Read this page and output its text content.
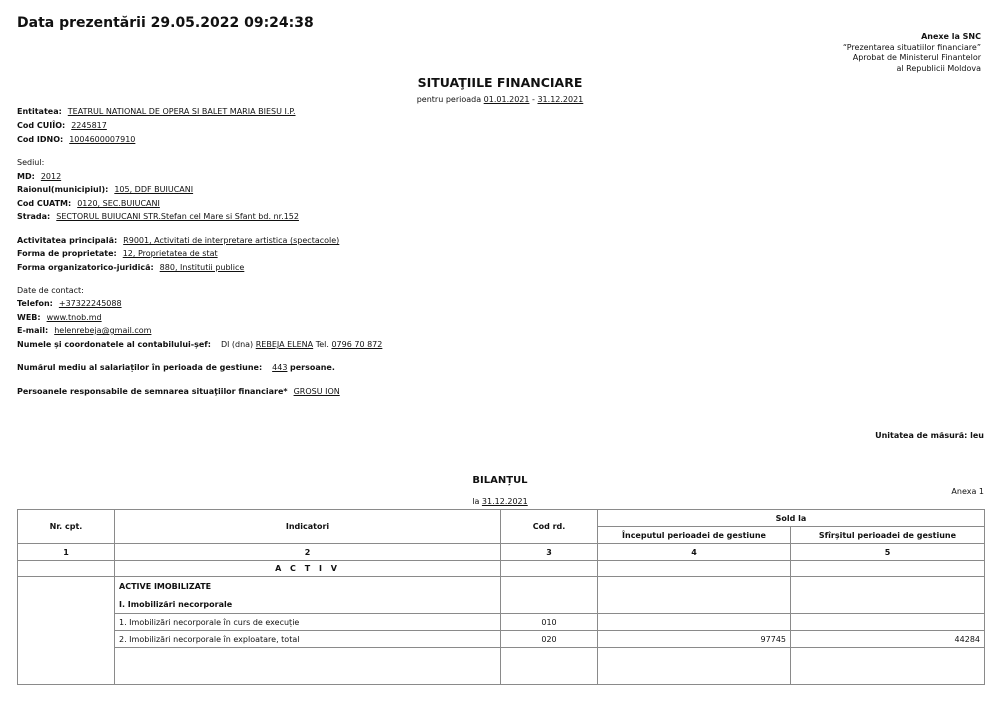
Data prezentării 29.05.2022 09:24:38
Anexe la SNC
“Prezentarea situatiilor financiare”
Aprobat de Ministerul Finantelor
al Republicii Moldova
SITUAŢIILE FINANCIARE
pentru perioada 01.01.2021 - 31.12.2021
Entitatea: TEATRUL NATIONAL DE OPERA SI BALET MARIA BIESU I.P.
Cod CUIÎO: 2245817
Cod IDNO: 1004600007910
Sediul:
MD: 2012
Raionul(municipiul): 105, DDF BUIUCANI
Cod CUATM: 0120, SEC.BUIUCANI
Strada: SECTORUL BUIUCANI STR.Stefan cel Mare si Sfant bd. nr.152
Activitatea principală: R9001, Activitati de interpretare artistica (spectacole)
Forma de proprietate: 12, Proprietatea de stat
Forma organizatorico-juridică: 880, Institutii publice
Date de contact:
Telefon: +37322245088
WEB: www.tnob.md
E-mail: helenrebeja@gmail.com
Numele și coordonatele al contabilului-șef: Dl (dna) REBEJA ELENA Tel. 0796 70 872
Numărul mediu al salariaților în perioada de gestiune: 443 persoane.
Persoanele responsabile de semnarea situaţiilor financiare* GROSU ION
Unitatea de măsură: leu
BILANȚUL
Anexa 1
la 31.12.2021
Nr. cpt.	Indicatori	Cod rd.	Sold la	
			Începutul perioadei de gestiune	Sfîrșitul perioadei de gestiune
1	2	3	4	5
	A C T I V			
	ACTIVE IMOBILIZATE			
	I. Imobilizări necorporale			
	1. Imobilizări necorporale în curs de execuție	010		
	2. Imobilizări necorporale în exploatare, total	020	97745	44284
